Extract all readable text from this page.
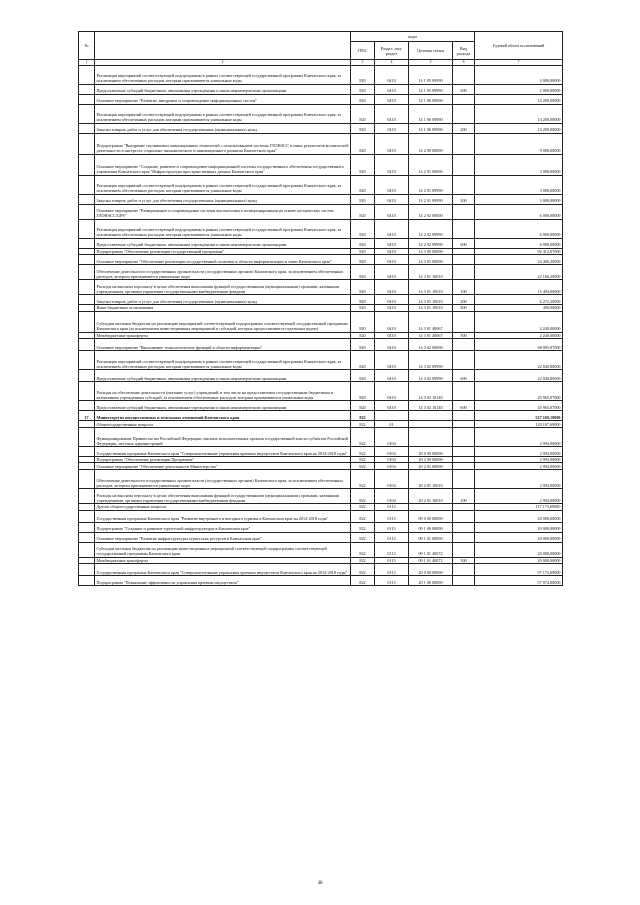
№		коды				Годовой объем ассигнований
		ГРБС	Раздел, под-раздел	Целевая статья	Вид расхода	
1	2	3	4	5	6	7
	Реализация мероприятий соответствующей подпрограммы в рамках соответствующей государственной программы Камчатского края, за исключением обеспеченных расходов, которым присваиваются уникальные коды	820	0410	14 1 05 09990		2 000,00000
	Предоставление субсидий бюджетным, автономным учреждениям и иным некоммерческим организациям	820	0410	14 1 05 09990	600	2 000,00000
	Основное мероприятие "Развитие, внедрение и сопровождение информационных систем"	820	0410	14 1 06 00000		14 200,00000
	Реализация мероприятий соответствующей подпрограммы в рамках соответствующей государственной программы Камчатского края, за исключением обеспеченных расходов, которым присваиваются уникальные коды	820	0410	14 1 06 09990		14 200,00000
	Закупка товаров, работ и услуг для обеспечения государственных (муниципальных) нужд	820	0410	14 1 06 09990	200	14 200,00000
	Подпрограмма "Внедрение спутниковых навигационных технологий с использованием системы ГЛОНАСС и иных результатов космической деятельности в интересах социально-экономического и инновационного развития Камчатского края"	820	0410	14 2 00 00000		9 000,00000
	Основное мероприятие "Создание, развитие и сопровождение информационной системы государственного обеспечения государственного управления Камчатского края "Инфраструктура пространственных данных Камчатского края"	820	0410	14 2 01 00000		3 000,00000
	Реализация мероприятий соответствующей подпрограммы в рамках соответствующей государственной программы Камчатского края, за исключением обеспеченных расходов, которым присваиваются уникальные коды	820	0410	14 2 01 09990		3 000,00000
	Закупка товаров, работ и услуг для обеспечения государственных (муниципальных) нужд	820	0410	14 2 01 09990	200	3 000,00000
	Основное мероприятие "Развертывание и сопровождение системы высокоточного позиционирования на основе космических систем ГЛОНАСС/GPS"	820	0410	14 2 02 00000		6 000,00000
	Реализация мероприятий соответствующей подпрограммы в рамках соответствующей государственной программы Камчатского края, за исключением обеспеченных расходов, которым присваиваются уникальные коды	820	0410	14 2 02 09990		6 000,00000
	Предоставление субсидий бюджетным, автономным учреждениям и иным некоммерческим организациям	820	0410	14 2 02 09990	600	6 000,00000
	Подпрограмма "Обеспечение реализации государственной программы"	820	0410	14 3 00 00000		92 412,07000
	Основное мероприятие "Обеспечение реализации государственной политики в области информатизации и связи Камчатского края"	820	0410	14 3 01 00000		24 406,20000
	Обеспечение деятельности государственных органов власти (государственных органов) Камчатского края, за исключением обеспеченных расходов, которым присваиваются уникальные коды	820	0410	14 3 01 10010		22 166,20000
	Расходы на выплаты персоналу в целях обеспечения выполнения функций государственными (муниципальными) органами, казенными учреждениями, органами управления государственными внебюджетными фондами	820	0410	14 3 01 10010	100	15 494,00000
	Закупка товаров, работ и услуг для обеспечения государственных (муниципальных) нужд	820	0410	14 3 01 10010	200	6 272,20000
	Иные бюджетные ассигнования	820	0410	14 3 01 10010	800	400,00000
	Субсидии местным бюджетам на реализацию мероприятий соответствующей подпрограммы соответствующей государственной программы Камчатского края (за исключением инвестиционных мероприятий и субсидий, которые предоставляются отдельным кодом)	820	0410	14 3 01 40067		2 240,00000
	Межбюджетные трансферты	820	0410	14 3 01 40067	500	2 240,00000
	Основное мероприятие "Выполнение технологических функций в области информатизации"	820	0410	14 3 02 00000		68 005,87000
	Реализация мероприятий соответствующей подпрограммы в рамках соответствующей государственной программы Камчатского края, за исключением обеспеченных расходов, которым присваиваются уникальные коды	820	0410	14 3 02 09990		22 040,80000
	Предоставление субсидий бюджетным, автономным учреждениям и иным некоммерческим организациям	820	0410	14 3 02 09990	600	22 040,80000
	Расходы на обеспечение деятельности (оказание услуг) учреждений, в том числе на предоставление государственным бюджетным и автономным учреждениям субсидий, за исключением обеспеченных расходов, которым присваиваются уникальные коды	820	0410	14 3 02 10140		45 965,07000
	Предоставление субсидий бюджетным, автономным учреждениям и иным некоммерческим организациям	820	0410	14 3 02 10140	600	45 965,07000
17	Министерство имущественных и земельных отношений Камчатского края	822				527 169,19000
	Общегосударственные вопросы	822	01			120 167,69000
	Функционирование Правительства Российской Федерации, высших исполнительных органов государственной власти субъектов Российской Федерации, местных администраций	822	0104			2 994,00000
	Государственная программа Камчатского края "Совершенствование управления краевым имуществом Камчатского края на 2014-2018 годы"	822	0104	20 0 00 00000		2 994,00000
	Подпрограмма "Обеспечение реализации Программы"	822	0104	20 2 00 00000		2 994,00000
	Основное мероприятие "Обеспечение деятельности Министерства"	822	0104	20 2 01 00000		2 994,00000
	Обеспечение деятельности государственных органов власти (государственных органов) Камчатского края, за исключением обеспеченных расходов, которым присваиваются уникальные коды	822	0104	20 2 01 10010		2 994,00000
	Расходы на выплаты персоналу в целях обеспечения выполнения функций государственными (муниципальными) органами, казенными учреждениями, органами управления государственными внебюджетными фондами	822	0104	20 2 01 10010	100	2 994,00000
	Другие общегосударственные вопросы	822	0113			117 173,69000
	Государственная программа Камчатского края "Развитие внутреннего и въездного туризма в Камчатском крае на 2014-2018 годы"	822	0113	09 0 00 00000		20 000,00000
	Подпрограмма "Создание и развитие туристской инфраструктуры в Камчатском крае"	822	0113	09 1 00 00000		20 000,00000
	Основное мероприятие "Развитие инфраструктуры туристских ресурсов в Камчатском крае"	822	0113	09 1 01 00000		20 000,00000
	Субсидии местным бюджетам на реализацию инвестиционных мероприятий соответствующей подпрограммы соответствующей государственной программы Камчатского края	822	0113	09 1 01 40072		20 000,00000
	Межбюджетные трансферты	822	0113	09 1 01 40072	500	20 000,00000
	Государственная программа Камчатского края "Совершенствование управления краевым имуществом Камчатского края на 2014-2018 годы"	822	0113	20 0 00 00000		97 173,69000
	Подпрограмма "Повышение эффективности управления краевым имуществом"	822	0113	20 1 00 00000		37 074,00000
48
